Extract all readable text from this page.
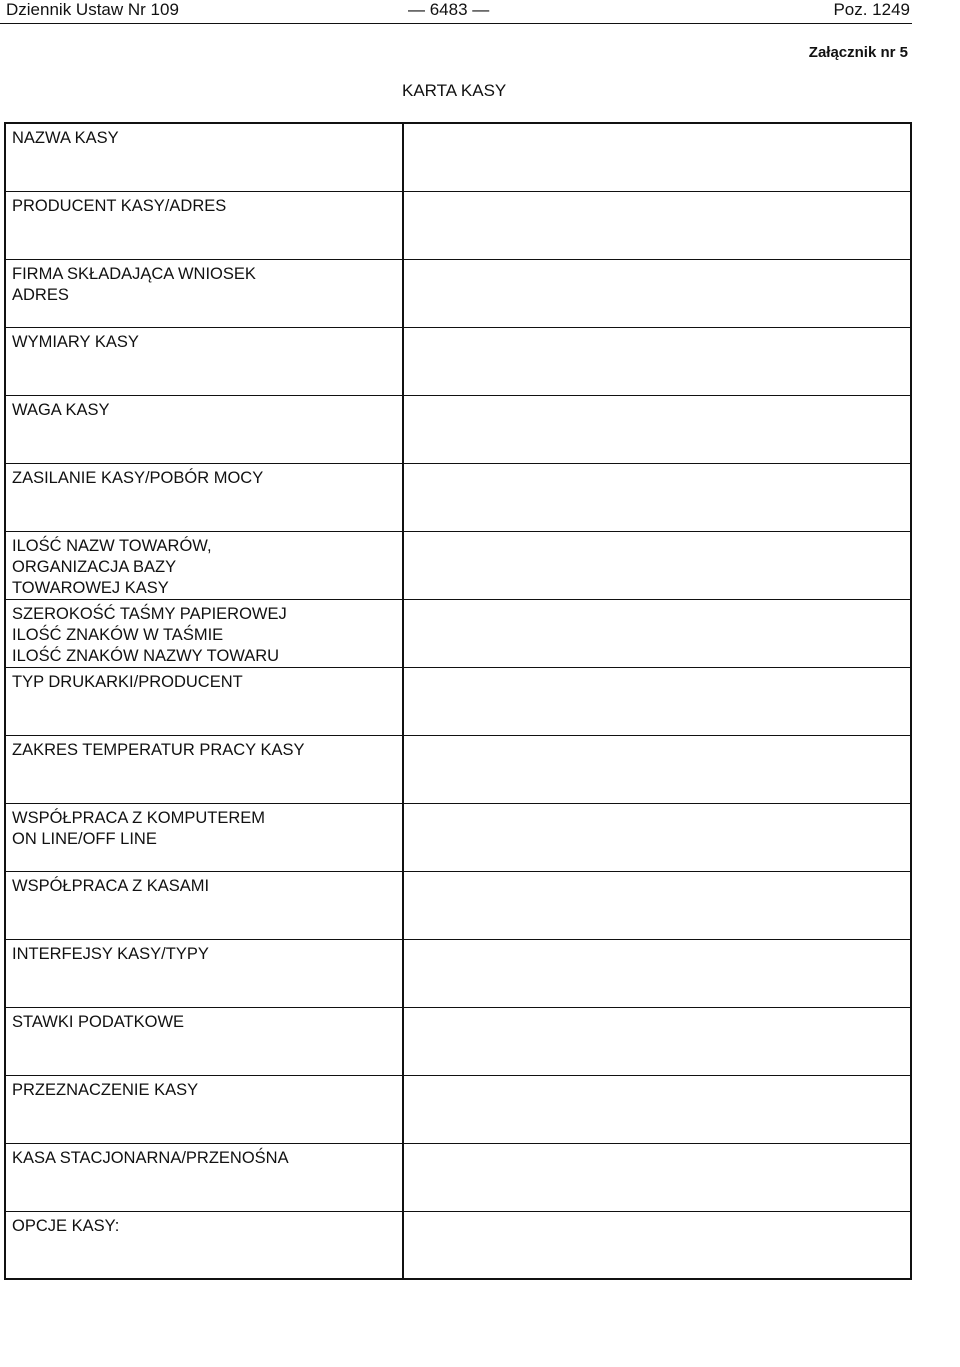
Dziennik Ustaw Nr 109	— 6483 —	Poz. 1249
Załącznik nr 5
KARTA KASY
NAZWA KASY	
PRODUCENT KASY/ADRES	
FIRMA SKŁADAJĄCA WNIOSEK
ADRES	
WYMIARY KASY	
WAGA KASY	
ZASILANIE KASY/POBÓR MOCY	
ILOŚĆ NAZW TOWARÓW,
ORGANIZACJA BAZY
TOWAROWEJ KASY	
SZEROKOŚĆ TAŚMY PAPIEROWEJ
ILOŚĆ ZNAKÓW W TAŚMIE
ILOŚĆ ZNAKÓW NAZWY TOWARU	
TYP DRUKARKI/PRODUCENT	
ZAKRES TEMPERATUR PRACY KASY	
WSPÓŁPRACA Z KOMPUTEREM
ON LINE/OFF LINE	
WSPÓŁPRACA Z KASAMI	
INTERFEJSY KASY/TYPY	
STAWKI PODATKOWE	
PRZEZNACZENIE KASY	
KASA STACJONARNA/PRZENOŚNA	
OPCJE KASY:	
